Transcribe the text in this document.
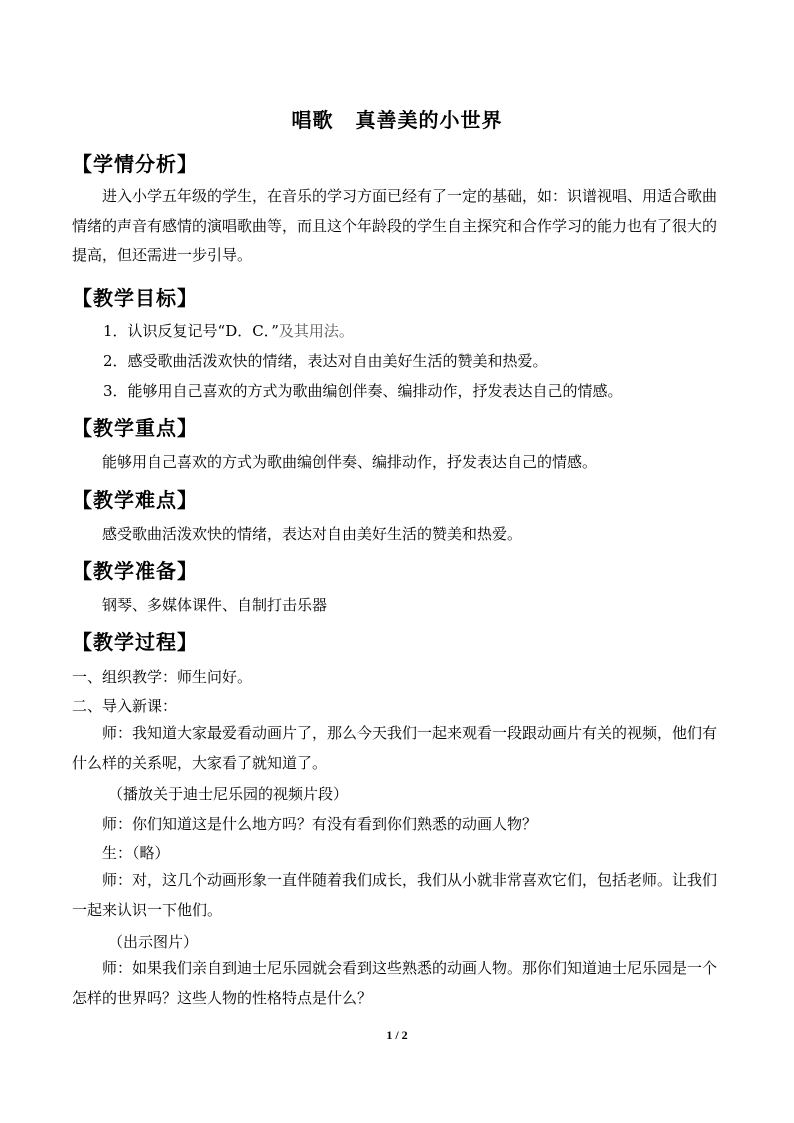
唱歌 真善美的小世界
【学情分析】
进入小学五年级的学生，在音乐的学习方面已经有了一定的基础，如：识谱视唱、用适合歌曲情绪的声音有感情的演唱歌曲等，而且这个年龄段的学生自主探究和合作学习的能力也有了很大的提高，但还需进一步引导。
【教学目标】
1．认识反复记号“D．C．”及其用法。
2．感受歌曲活泼欢快的情绪，表达对自由美好生活的赞美和热爱。
3．能够用自己喜欢的方式为歌曲编创伴奏、编排动作，抒发表达自己的情感。
【教学重点】
能够用自己喜欢的方式为歌曲编创伴奏、编排动作，抒发表达自己的情感。
【教学难点】
感受歌曲活泼欢快的情绪，表达对自由美好生活的赞美和热爱。
【教学准备】
钢琴、多媒体课件、自制打击乐器
【教学过程】
一、组织教学：师生问好。
二、导入新课：
师：我知道大家最爱看动画片了，那么今天我们一起来观看一段跟动画片有关的视频，他们有什么样的关系呢，大家看了就知道了。
（播放关于迪士尼乐园的视频片段）
师：你们知道这是什么地方吗？有没有看到你们熟悉的动画人物？
生：（略）
师：对，这几个动画形象一直伴随着我们成长，我们从小就非常喜欢它们，包括老师。让我们一起来认识一下他们。
（出示图片）
师：如果我们亲自到迪士尼乐园就会看到这些熟悉的动画人物。那你们知道迪士尼乐园是一个怎样的世界吗？这些人物的性格特点是什么？
1 / 2
